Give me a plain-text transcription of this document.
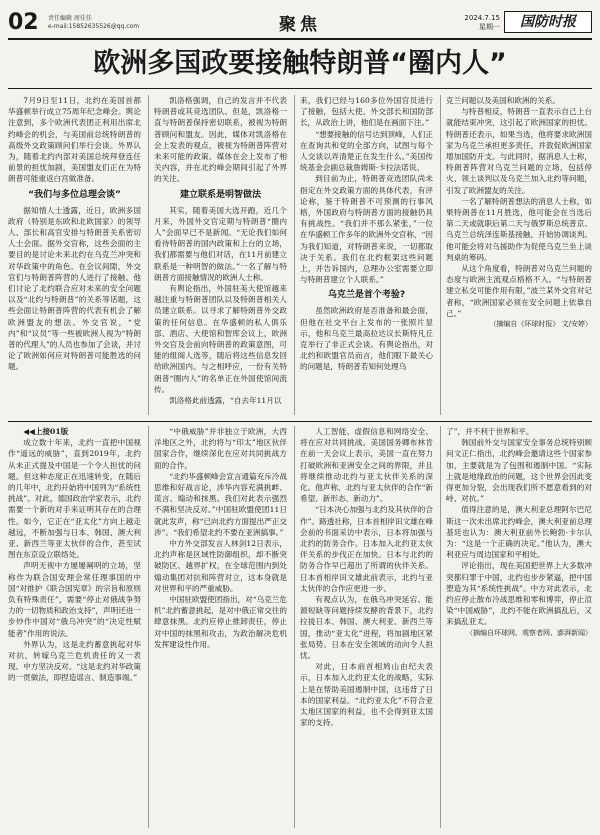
02 责任编辑 周佳佳
e-mail:15852635526@qq.com	聚焦	2024.7.15
星期一	国防时报
欧洲多国政要接触特朗普“圈内人”

7月9日至11日，北约在美国首都华盛顿举行成立75周年纪念峰会。舆论注意到，多个欧洲代表团正利用出席北约峰会的机会，与美国前总统特朗普的高级外交政策顾问们举行会谈。外界认为，随着北约内部对美国总统拜登连任前景的担忧加剧，美国盟友们正在为特朗普可能重返白宫做准备。

“我们与多位总理会谈”

据知情人士透露，近日，欧洲多国政府（特别是东欧和北欧国家）的领导人、部长和高官安排与特朗普关系密切人士会面。据外交官称，这些会面的主要目的是讨论未来北约在乌克兰冲突和对华政策中的角色。在会议间隙，外交官们与特朗普阵营的人进行了接触。他们讨论了北约联合应对未来的安全问题以及“北约与特朗普”的关系等话题，这些会面让特朗普阵营的代表有机会了解欧洲盟友的想法。外交官说，“党内”和“议员”等一些被欧洲人视为“特朗普的代理人”的人员也参加了会谈，并讨论了欧洲如何应对特朗普可能胜选的问题。

凯洛格强调，自己的发言并不代表特朗普或其竞选团队。但是，凯洛格一直与特朗普保持密切联系，被视为特朗普顾问和盟友。因此，媒体对凯洛格在会上发表的观点，被视为特朗普阵营对未来可能的政策。媒体在会上发布了相关内容，并在北约峰会期间引起了外界的关注。

建立联系是明智做法

其实，随着美国大选开跑，近几个月来，外国外交官定期与特朗普“圈内人”会面早已不是新闻。“无论我们如何看待特朗普的国内政策和上台的立场，我们都需要与他们对话，在11月前建立联系是一种明智的做法。”一名了解与特朗普方面接触情况的欧洲人士称。

有舆论指出，外国驻美大使馆越来越注重与特朗普团队以及特朗普相关人员建立联系。以寻求了解特朗普外交政策的任何信息。在华盛顿的私人俱乐部、酒店、大使馆和智库会议上，欧洲外交官及会前向特朗普的政策意图，可能的组阁人选等，随后将这些信息发回给欧洲国内。与之相呼应，一份有关特朗普“圈内人”的名单正在外国使馆间流传。

凯洛格此前透露，“自去年11月以

来，我们已经与160多位外国官员进行了接触，包括大使、外交部长和国防部长，从政治上讲，他们是在画面下注。”

“想要接触的信号达到顶峰，人们正在查询共和党的全部方向，试图与每个人交谈以弄清楚正在发生什么。”美国传统基金会副总裁詹姆斯·卡拉法诺说。

到目前为止，特朗普竞选团队尚未指定在外交政策方面的具体代表，有评论称，鉴于特朗普不可预测的行事风格，外国政府与特朗普方面的接触仍具有挑战性。“我们并不那么紧张，”一位在华盛顿工作多年的欧洲外交官称，“因为我们知道，对特朗普来说，一切都取决于关系。我们在北约框架这些问题上，并告诉国内，总理办公室需要立即与特朗普建立个人联系。”

乌克兰是首个考验?

虽然欧洲政府是否准备和最会面，但他在社交平台上发布的一张照片显示，他和乌克兰最高拉达议长斯特凡丘克举行了非正式会谈。有舆论指出，对北约和欧盟官员而言，他们眼下最关心的问题是，特朗普若知何处理乌

克兰问题以及美国和欧洲的关系。

与特普相反，特朗普一直表示自己上台就能结束冲突，这引起了欧洲国家的担忧。特朗普还表示，如果当选，他将要求欧洲国家为乌克兰承担更多责任，并敦促欧洲国家增加国防开支。与此同时，据消息人士称，特朗普阵营对乌克兰问题的立场，包括停火、领土谈判以及乌克兰加入北约等问题，引发了欧洲盟友的关注。

一名了解特朗普想法的消息人士称，如果特朗普在11月胜选，他可能会在当选后第二天或就职后第二天与俄罗斯总统普京、乌克兰总统泽连斯基接触，开始协调谈判。他可能会将对乌援助作为促使乌克兰坐上谈判桌的筹码。

从这个角度看，特朗普对乌克兰问题的态度与欧洲主流观点格格不入。“与特朗普建立私交可能作用有限，”波兰某外交官对记者称，“欧洲国家必须在安全问题上依靠自己。”

（摘编自《环球时报》 文/安婷）

◀◀上接01版

成立数十年来，北约一直把中国视作“遥远的威胁”，直到2019年，北约从未正式提及中国是一个令人担忧的问题。但这种态度正在迅速转变，在随后的几年中，北约开始将中国列为“系统性挑战”。对此，德国政治学家表示，北约需要一个新的对手来证明其存在的合理性。如今，它正在“亚太化”方向上越走越远，不断加强与日本、韩国、澳大利亚、新西兰等亚太伙伴的合作，甚至试图在东京设立联络处。

声明无视中方屡屡阐明的立场，坚称作为联合国安理会常任理事国的中国“对推护《联合国宪章》的宗旨和原则负有特殊责任”，需要“停止对俄战争努力的一切物质和政治支持”，声明还进一步炒作中国对“俄乌冲突”的“决定性赋能者”作用的说法。

外界认为，这是北约蓄意挑起对华对抗，转嫁乌克兰危机责任的又一表现。中方坚决反对。“这是北约对华政策的一贯做法，即捏造谣言、制造事端。”

“中俄威胁”并非独立于欧洲，大西洋地区之外，北约将与“印太”地区伙伴国家合作，继续深化在应对共同挑战方面的合作。

“北约华盛顿峰会宣言通篇充斥冷战思维和好战言论，涉华内容充满挑衅、谎言、煽动和抹黑。我们对此表示强烈不满和坚决反对。”中国驻欧盟使团11日就此发声，称“已向北约方面提出严正交涉”。“我们希望北约不要在亚洲搞事。”

中方外交部发言人林剑12日表示，北约声称是区域性防御组织，却不断突破防区、越界扩权，在全球范围内到处煽动集团对抗和阵营对立，这本身就是对世界和平的严重威胁。

中国驻欧盟使团指出，对“乌克兰危机”北约蓄意挑起，是对中俄正常交往的肆意抹黑。北约应停止推卸责任，停止对中国的抹黑和攻击，为政治解决危机发挥建设性作用。

人工智能、虚假信息和网络安全、将在应对共同挑战。美国国务卿布林肯在前一天会议上表示，美国一直在努力打破欧洲和亚洲安全之间的界限，并且将继续推动北约与亚太伙伴关系的深化。他声称，北约与亚太伙伴的合作“新希望、新形态、新动力”。

“日本决心加强与北约及其伙伴的合作”。路透社称，日本首相岸田文雄在峰会前的书面采访中表示，日本将加强与北约的防务合作。日本加入北约亚太伙伴关系的步伐正在加快。日本与北约的防务合作早已超出了所谓的伙伴关系。日本首相岸田文雄此前表示，北约与亚太伙伴的合作应更进一步。

有观点认为，在俄乌冲突延宕、能源短缺等问题持续发酵的背景下，北约拉拢日本、韩国、澳大利亚、新西兰等国，推动“亚太化”进程，将加剧地区紧张局势。日本在安全领域的动向令人担忧。

对此，日本前首相鸠山由纪夫表示，日本加入北约亚太化的战略，实际上是在帮助美国遏制中国，这违背了日本的国家利益。“北约亚太化”不符合亚太地区国家的利益，也不会得到亚太国家的支持。

了”，并不利于世界和平。

韩国前外交与国家安全事务总统特别顾问文正仁指出，北约峰会邀请这些个国家参加，主要就是为了包围和遏制中国。“实际上就是地缘政治的问题，这个世界会因此变得更加分裂，会出现我们所不愿意看到的对峙、对抗。”

值得注意的是，澳大利亚总理阿尔巴尼斯这一次未出席北约峰会，澳大利亚前总理基廷也认为：澳大利亚前外长鲍勃·卡尔认为：“这是一个正确的决定。”他认为，澳大利亚应与周边国家和平相处。

评论指出，现在美国把世界上大多数冲突都归罪于中国，北约也步步紧逼，把中国塑造为其“系统性挑战”。中方对此表示，北约应停止散布冷战思维和零和博弈，停止渲染“中国威胁”，北约不能在欧洲搞乱后，又来搞乱亚太。

（摘编自环球网、观察者网、澎湃新闻）
